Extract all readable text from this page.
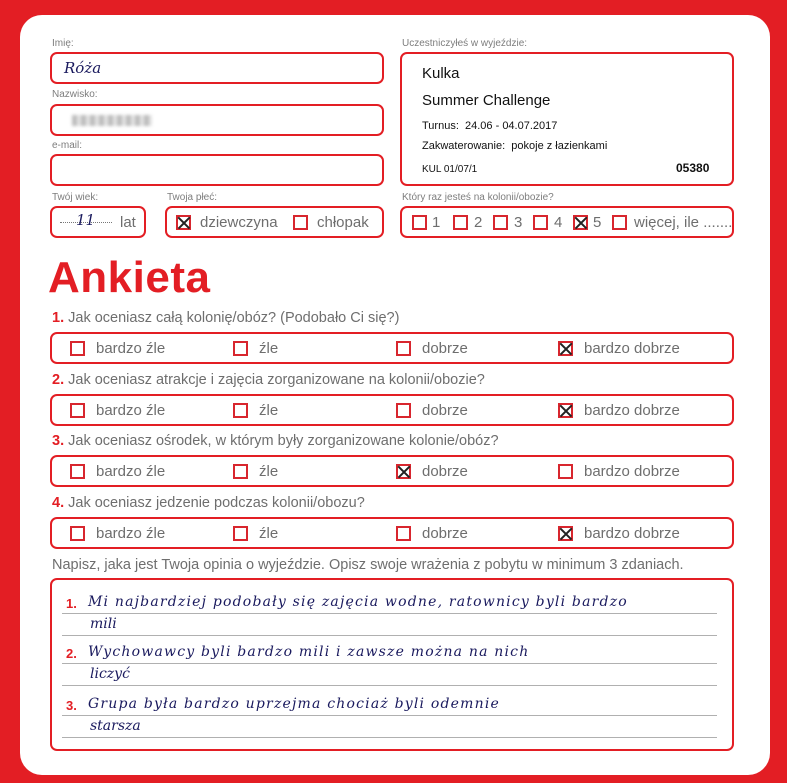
Imię:
Róża
Nazwisko:
e-mail:
Twój wiek:
11 lat
Twoja płeć:
dziewczyna	chłopak
Uczestniczyłeś w wyjeździe:
Kulka
Summer Challenge
Turnus: 24.06 - 04.07.2017
Zakwaterowanie: pokoje z łazienkami
KUL 01/07/1	05380
Który raz jesteś na kolonii/obozie?
1 2 3 4 5 więcej, ile .......
Ankieta
1. Jak oceniasz całą kolonię/obóz? (Podobało Ci się?)
bardzo źle	źle	dobrze	bardzo dobrze
2. Jak oceniasz atrakcje i zajęcia zorganizowane na kolonii/obozie?
bardzo źle	źle	dobrze	bardzo dobrze
3. Jak oceniasz ośrodek, w którym były zorganizowane kolonie/obóz?
bardzo źle	źle	dobrze	bardzo dobrze
4. Jak oceniasz jedzenie podczas kolonii/obozu?
bardzo źle	źle	dobrze	bardzo dobrze
Napisz, jaka jest Twoja opinia o wyjeździe. Opisz swoje wrażenia z pobytu w minimum 3 zdaniach.
1. Mi najbardziej podobały się zajęcia wodne, ratownicy byli bardzo
mili
2. Wychowawcy byli bardzo mili i zawsze można na nich
liczyć
3. Grupa była bardzo uprzejma chociaż byli odemnie
starsza
